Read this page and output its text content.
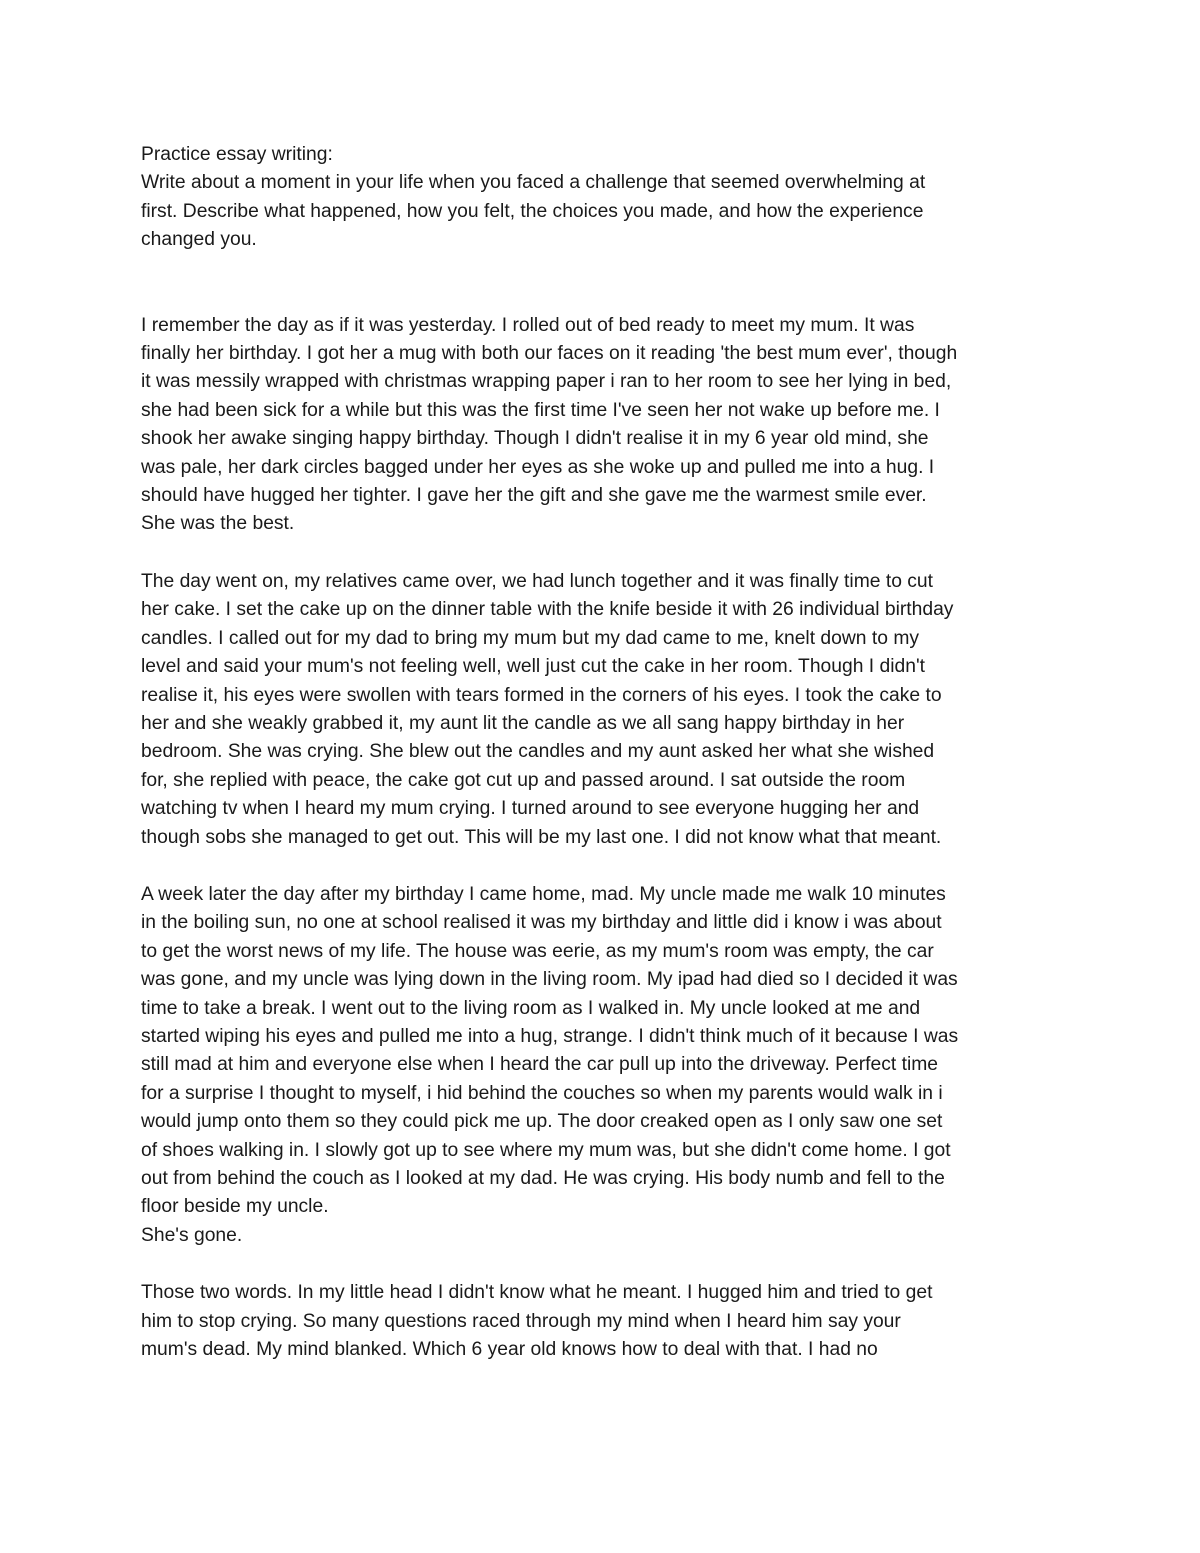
Practice essay writing:
Write about a moment in your life when you faced a challenge that seemed overwhelming at
first. Describe what happened, how you felt, the choices you made, and how the experience
changed you.

I remember the day as if it was yesterday. I rolled out of bed ready to meet my mum. It was
finally her birthday. I got her a mug with both our faces on it reading 'the best mum ever', though
it was messily wrapped with christmas wrapping paper i ran to her room to see her lying in bed,
she had been sick for a while but this was the first time I've seen her not wake up before me. I
shook her awake singing happy birthday. Though I didn't realise it in my 6 year old mind, she
was pale, her dark circles bagged under her eyes as she woke up and pulled me into a hug. I
should have hugged her tighter. I gave her the gift and she gave me the warmest smile ever.
She was the best.

The day went on, my relatives came over, we had lunch together and it was finally time to cut
her cake. I set the cake up on the dinner table with the knife beside it with 26 individual birthday
candles. I called out for my dad to bring my mum but my dad came to me, knelt down to my
level and said your mum's not feeling well, well just cut the cake in her room. Though I didn't
realise it, his eyes were swollen with tears formed in the corners of his eyes. I took the cake to
her and she weakly grabbed it, my aunt lit the candle as we all sang happy birthday in her
bedroom. She was crying. She blew out the candles and my aunt asked her what she wished
for, she replied with peace, the cake got cut up and passed around. I sat outside the room
watching tv when I heard my mum crying. I turned around to see everyone hugging her and
though sobs she managed to get out. This will be my last one. I did not know what that meant.

A week later the day after my birthday I came home, mad. My uncle made me walk 10 minutes
in the boiling sun, no one at school realised it was my birthday and little did i know i was about
to get the worst news of my life. The house was eerie, as my mum's room was empty, the car
was gone, and my uncle was lying down in the living room. My ipad had died so I decided it was
time to take a break. I went out to the living room as I walked in. My uncle looked at me and
started wiping his eyes and pulled me into a hug, strange. I didn't think much of it because I was
still mad at him and everyone else when I heard the car pull up into the driveway. Perfect time
for a surprise I thought to myself, i hid behind the couches so when my parents would walk in i
would jump onto them so they could pick me up. The door creaked open as I only saw one set
of shoes walking in. I slowly got up to see where my mum was, but she didn't come home. I got
out from behind the couch as I looked at my dad. He was crying. His body numb and fell to the
floor beside my uncle.
She's gone.

Those two words. In my little head I didn't know what he meant. I hugged him and tried to get
him to stop crying. So many questions raced through my mind when I heard him say your
mum's dead. My mind blanked. Which 6 year old knows how to deal with that. I had no
